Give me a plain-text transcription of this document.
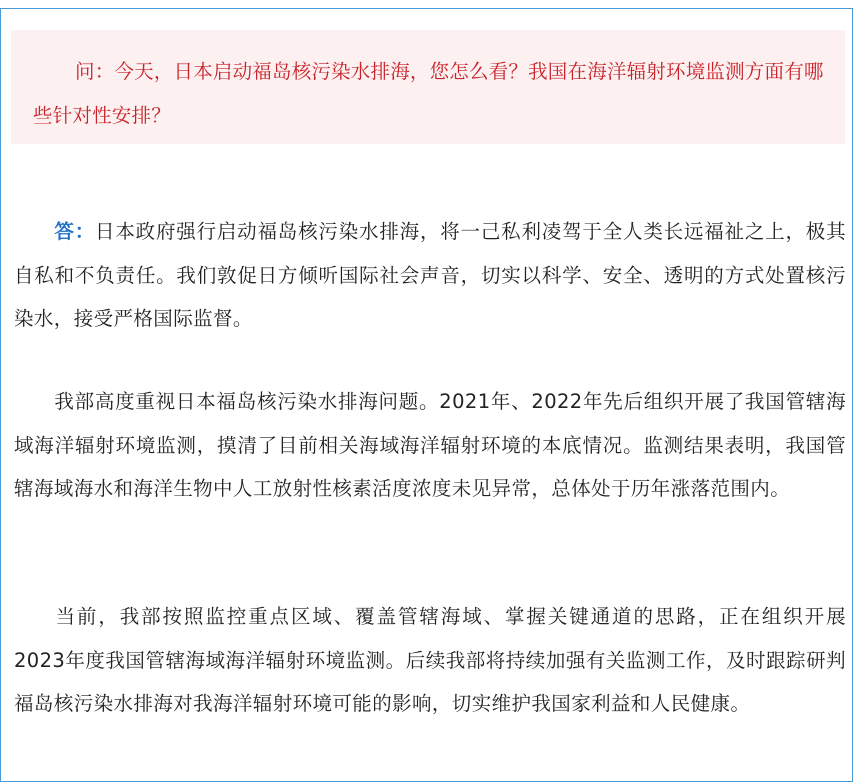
问：今天，日本启动福岛核污染水排海，您怎么看？我国在海洋辐射环境监测方面有哪些针对性安排？
答：日本政府强行启动福岛核污染水排海，将一己私利凌驾于全人类长远福祉之上，极其自私和不负责任。我们敦促日方倾听国际社会声音，切实以科学、安全、透明的方式处置核污染水，接受严格国际监督。
我部高度重视日本福岛核污染水排海问题。2021年、2022年先后组织开展了我国管辖海域海洋辐射环境监测，摸清了目前相关海域海洋辐射环境的本底情况。监测结果表明，我国管辖海域海水和海洋生物中人工放射性核素活度浓度未见异常，总体处于历年涨落范围内。
当前，我部按照监控重点区域、覆盖管辖海域、掌握关键通道的思路，正在组织开展 2023年度我国管辖海域海洋辐射环境监测。后续我部将持续加强有关监测工作，及时跟踪研判福岛核污染水排海对我海洋辐射环境可能的影响，切实维护我国家利益和人民健康。
